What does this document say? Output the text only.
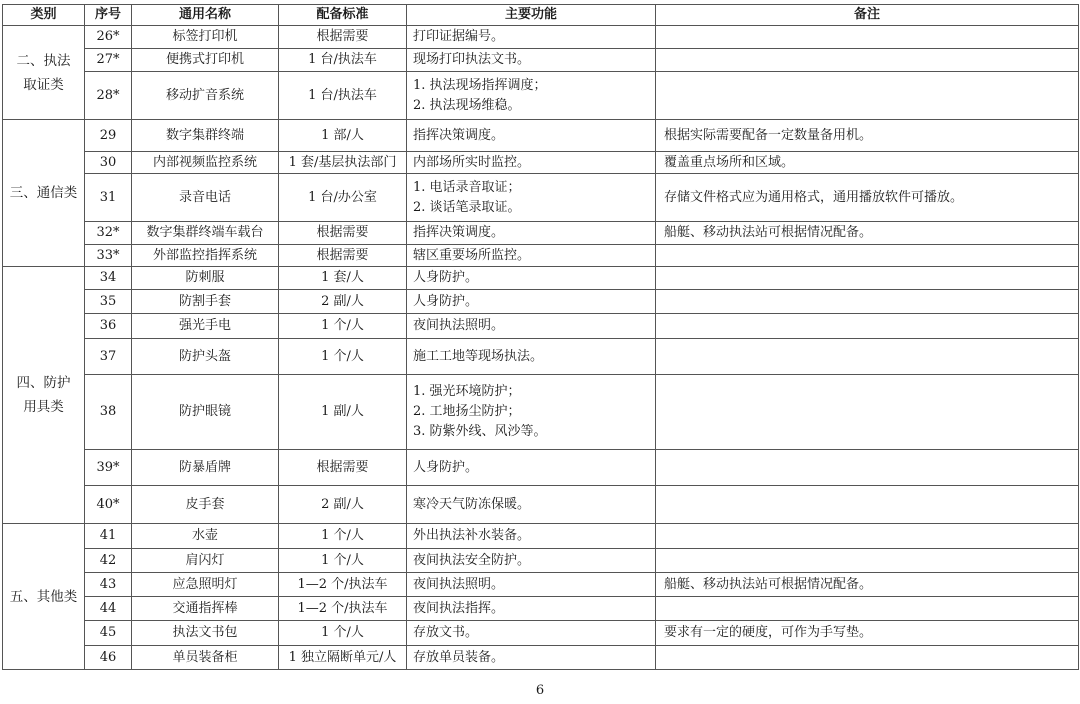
类别	序号	通用名称	配备标准	主要功能	备注

二、执法
取证类	26*	标签打印机	根据需要	打印证据编号。	

	27*	便携式打印机	1 台/执法车	现场打印执法文书。	

	28*	移动扩音系统	1 台/执法车	1. 执法现场指挥调度；
2. 执法现场维稳。	

三、通信类	29	数字集群终端	1 部/人	指挥决策调度。	根据实际需要配备一定数量备用机。
	30	内部视频监控系统	1 套/基层执法部门	内部场所实时监控。	覆盖重点场所和区域。
	31	录音电话	1 台/办公室	1. 电话录音取证；
2. 谈话笔录取证。	存储文件格式应为通用格式，通用播放软件可播放。
	32*	数字集群终端车载台	根据需要	指挥决策调度。	船艇、移动执法站可根据情况配备。
	33*	外部监控指挥系统	根据需要	辖区重要场所监控。	

四、防护
用具类	34	防刺服	1 套/人	人身防护。	

	35	防割手套	2 副/人	人身防护。	

	36	强光手电	1 个/人	夜间执法照明。	

	37	防护头盔	1 个/人	施工工地等现场执法。	

	38	防护眼镜	1 副/人	1. 强光环境防护；
2. 工地扬尘防护；
3. 防紫外线、风沙等。	

	39*	防暴盾牌	根据需要	人身防护。	

	40*	皮手套	2 副/人	寒冷天气防冻保暖。	

五、其他类	41	水壶	1 个/人	外出执法补水装备。	

	42	肩闪灯	1 个/人	夜间执法安全防护。	

	43	应急照明灯	1—2 个/执法车	夜间执法照明。	船艇、移动执法站可根据情况配备。
	44	交通指挥棒	1—2 个/执法车	夜间执法指挥。	

	45	执法文书包	1 个/人	存放文书。	要求有一定的硬度，可作为手写垫。
	46	单员装备柜	1 独立隔断单元/人	存放单员装备。	

6
